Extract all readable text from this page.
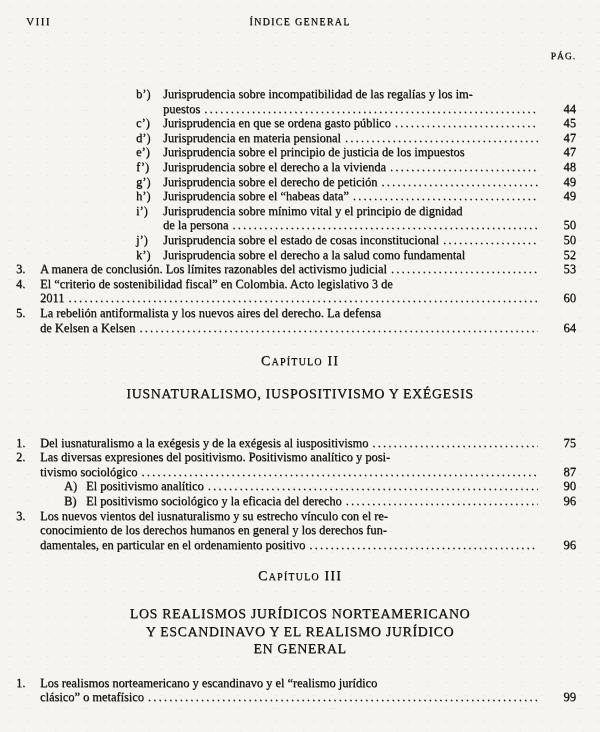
VIII	ÍNDICE GENERAL
PÁG.
b’)	Jurisprudencia sobre incompatibilidad de las regalías y los im-
puestos .....	44
c’)	Jurisprudencia en que se ordena gasto público .....	45
d’)	Jurisprudencia en materia pensional .....	47
e’)	Jurisprudencia sobre el principio de justicia de los impuestos	47
f’)	Jurisprudencia sobre el derecho a la vivienda .....	48
g’)	Jurisprudencia sobre el derecho de petición .....	49
h’)	Jurisprudencia sobre el “habeas data” .....	49
i’)	Jurisprudencia sobre mínimo vital y el principio de dignidad
de la persona .....	50
j’)	Jurisprudencia sobre el estado de cosas inconstitucional .....	50
k’)	Jurisprudencia sobre el derecho a la salud como fundamental	52
3.	A manera de conclusión. Los límites razonables del activismo judicial .....	53
4.	El “criterio de sostenibilidad fiscal” en Colombia. Acto legislativo 3 de
2011 .....	60
5.	La rebelión antiformalista y los nuevos aires del derecho. La defensa
de Kelsen a Kelsen .....	64
Capítulo II
IUSNATURALISMO, IUSPOSITIVISMO Y EXÉGESIS
1.	Del iusnaturalismo a la exégesis y de la exégesis al iuspositivismo .....	75
2.	Las diversas expresiones del positivismo. Positivismo analítico y posi-
tivismo sociológico .....	87
A) El positivismo analítico .....	90
B) El positivismo sociológico y la eficacia del derecho .....	96
3.	Los nuevos vientos del iusnaturalismo y su estrecho vínculo con el re-
conocimiento de los derechos humanos en general y los derechos fun-
damentales, en particular en el ordenamiento positivo .....	96
Capítulo III
LOS REALISMOS JURÍDICOS NORTEAMERICANO
Y ESCANDINAVO Y EL REALISMO JURÍDICO
EN GENERAL
1.	Los realismos norteamericano y escandinavo y el “realismo jurídico
clásico” o metafísico .....	99
